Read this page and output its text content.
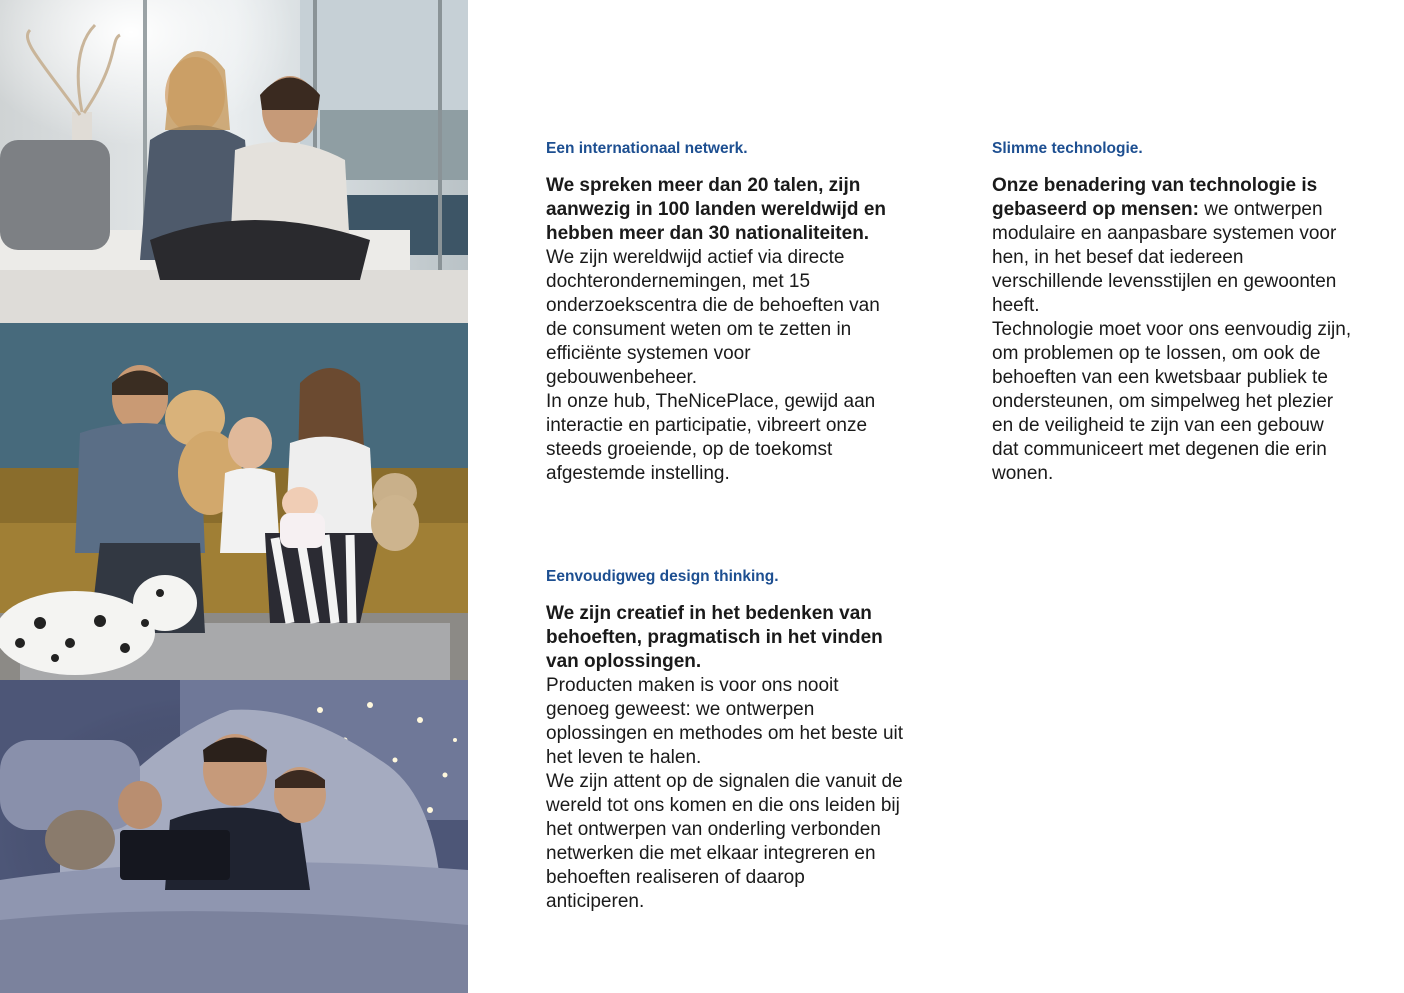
Een internationaal netwerk.

We spreken meer dan 20 talen, zijn aanwezig in 100 landen wereldwijd en hebben meer dan 30 nationaliteiten.
We zijn wereldwijd actief via directe dochterondernemingen, met 15 onderzoekscentra die de behoeften van de consument weten om te zetten in efficiënte systemen voor gebouwenbeheer.
In onze hub, TheNicePlace, gewijd aan interactie en participatie, vibreert onze steeds groeiende, op de toekomst afgestemde instelling.

Eenvoudigweg design thinking.

We zijn creatief in het bedenken van behoeften, pragmatisch in het vinden van oplossingen.
Producten maken is voor ons nooit genoeg geweest: we ontwerpen oplossingen en methodes om het beste uit het leven te halen.
We zijn attent op de signalen die vanuit de wereld tot ons komen en die ons leiden bij het ontwerpen van onderling verbonden netwerken die met elkaar integreren en behoeften realiseren of daarop anticiperen.

Slimme technologie.

Onze benadering van technologie is gebaseerd op mensen: we ontwerpen modulaire en aanpasbare systemen voor hen, in het besef dat iedereen verschillende levensstijlen en gewoonten heeft.
Technologie moet voor ons eenvoudig zijn, om problemen op te lossen, om ook de behoeften van een kwetsbaar publiek te ondersteunen, om simpelweg het plezier en de veiligheid te zijn van een gebouw dat communiceert met degenen die erin wonen.
